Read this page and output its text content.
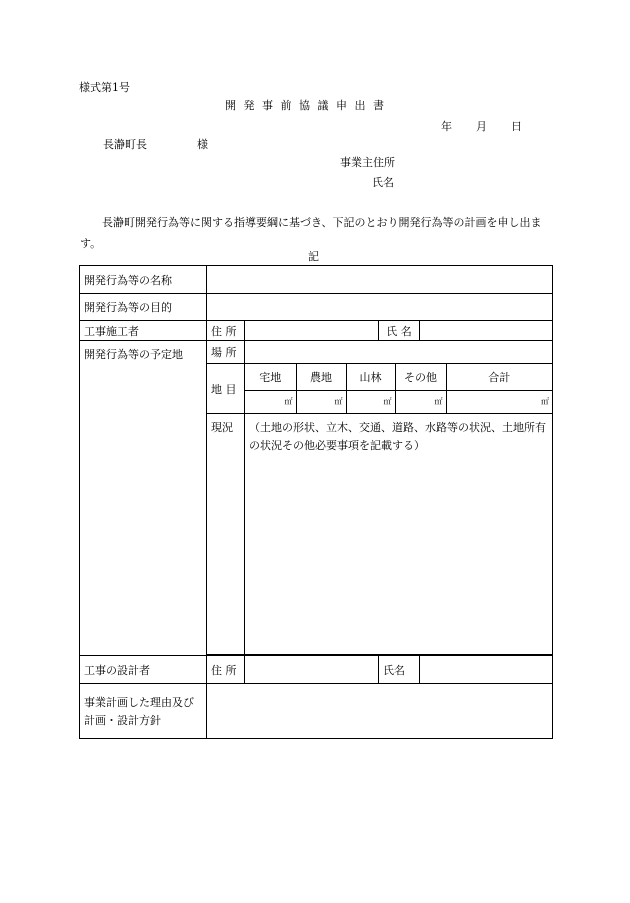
様式第1号
開発事前協議申出書
年 月 日
長瀞町長	様
事業主住所
氏名
長瀞町開発行為等に関する指導要綱に基づき、下記のとおり開発行為等の計画を申し出ます。
記
開発行為等の名称	
開発行為等の目的	
工事施工者	住 所		氏 名	
開発行為等の予定地	場 所	
地 目	
宅地	農地	山林	その他	合計
㎡	㎡	㎡	㎡	㎡

現況	（土地の形状、立木、交通、道路、水路等の状況、土地所有の状況その他必要事項を記載する）

工事の設計者	住 所		氏名	
事業計画した理由及び計画・設計方針	
